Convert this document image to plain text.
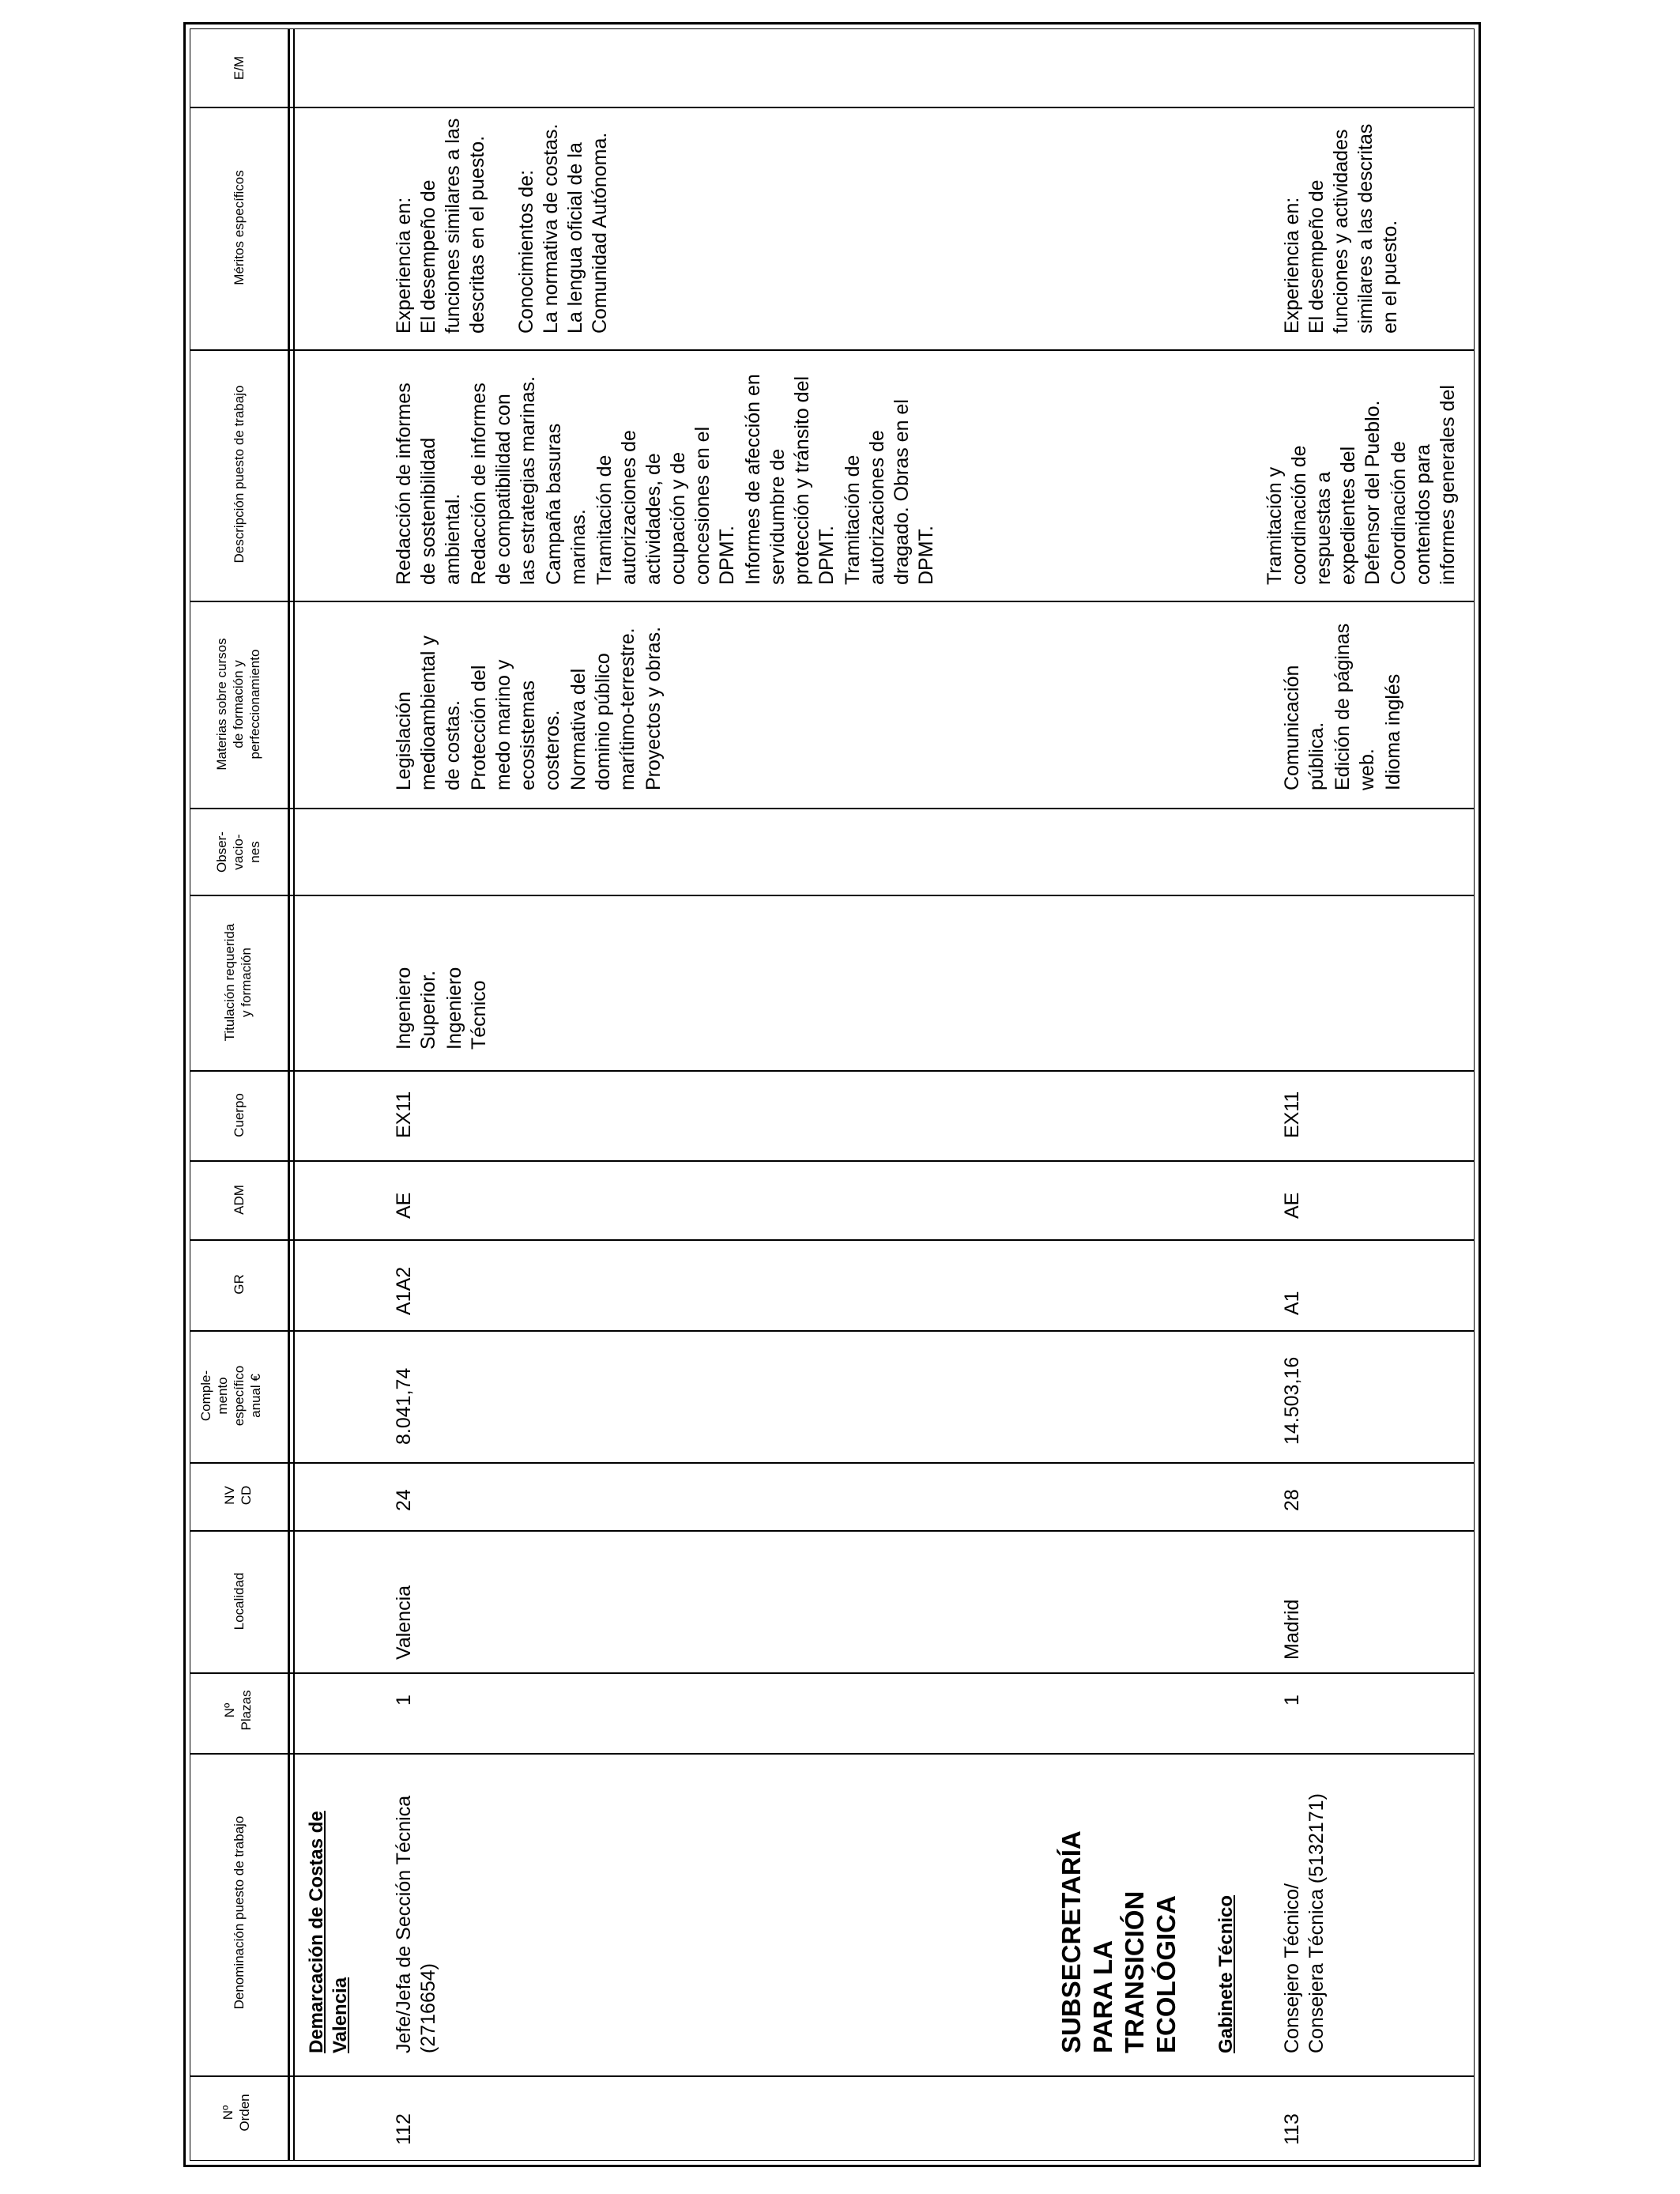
Nº Orden
Denominación puesto de trabajo
Nº Plazas
Localidad
NV CD
Comple- mento específico anual €
GR
ADM
Cuerpo
Titulación requerida y formación
Obser- vacio- nes
Materias sobre cursos de formación y perfeccionamiento
Descripción puesto de trabajo
Méritos específicos
E/M
Demarcación de Costas de Valencia
112

Jefe/Jefa de Sección Técnica (2716654)

1
Valencia
24
8.041,74
A1A2
AE
EX11

Ingeniero Superior. Ingeniero Técnico

Legislación medioambiental y de costas. Protección del medo marino y ecosistemas costeros. Normativa del dominio público marítimo-terrestre. Proyectos y obras.

Redacción de informes de sostenibilidad ambiental. Redacción de informes de compatibilidad con las estrategias marinas. Campaña basuras marinas. Tramitación de autorizaciones de actividades, de ocupación y de concesiones en el DPMT. Informes de afección en servidumbre de protección y tránsito del DPMT. Tramitación de autorizaciones de dragado. Obras en el DPMT.

Experiencia en: El desempeño de funciones similares a las descritas en el puesto. Conocimientos de: La normativa de costas. La lengua oficial de la Comunidad Autónoma.

SUBSECRETARÍA PARA LA TRANSICIÓN ECOLÓGICA Gabinete Técnico
113

Consejero Técnico/ Consejera Técnica (5132171)

1
Madrid
28
14.503,16
A1
AE
EX11

Comunicación pública. Edición de páginas web. Idioma inglés

Tramitación y coordinación de respuestas a expedientes del Defensor del Pueblo. Coordinación de contenidos para informes generales del

Experiencia en: El desempeño de funciones y actividades similares a las descritas en el puesto.
